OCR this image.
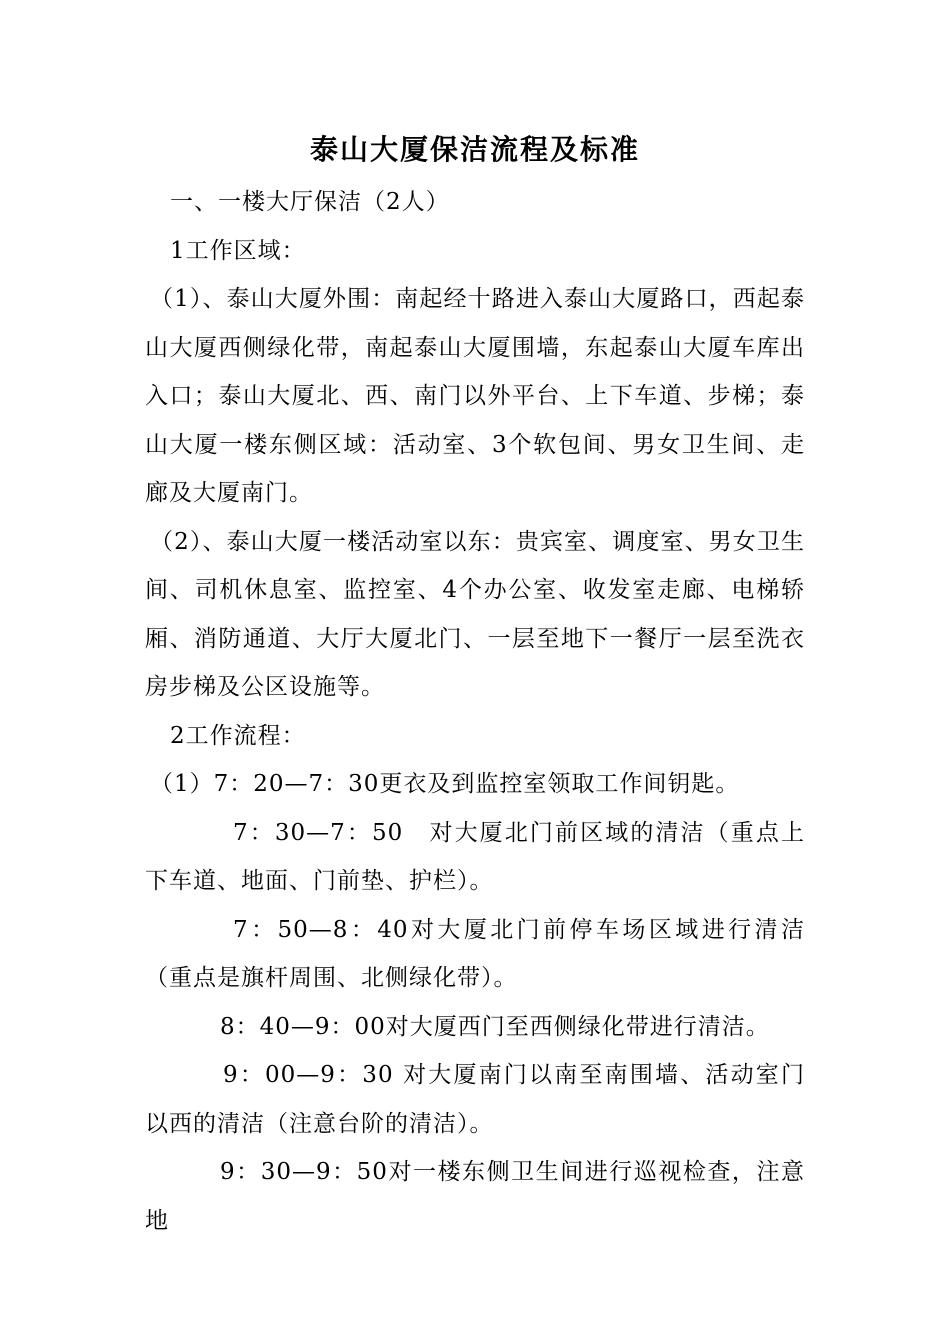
泰山大厦保洁流程及标准

一、一楼大厅保洁（2人）

1工作区域：

（1）、泰山大厦外围：南起经十路进入泰山大厦路口，西起泰山大厦西侧绿化带，南起泰山大厦围墙，东起泰山大厦车库出入口；泰山大厦北、西、南门以外平台、上下车道、步梯；泰山大厦一楼东侧区域：活动室、3个软包间、男女卫生间、走廊及大厦南门。

（2）、泰山大厦一楼活动室以东：贵宾室、调度室、男女卫生间、司机休息室、监控室、4个办公室、收发室走廊、电梯轿厢、消防通道、大厅大厦北门、一层至地下一餐厅一层至洗衣房步梯及公区设施等。

2工作流程：

（1）7：20—7：30更衣及到监控室领取工作间钥匙。

7：30—7：50　对大厦北门前区域的清洁（重点上下车道、地面、门前垫、护栏）。

7：50—8：40对大厦北门前停车场区域进行清洁（重点是旗杆周围、北侧绿化带）。

8：40—9：00对大厦西门至西侧绿化带进行清洁。

9：00—9：30 对大厦南门以南至南围墙、活动室门以西的清洁（注意台阶的清洁）。

9：30—9：50对一楼东侧卫生间进行巡视检查，注意地
